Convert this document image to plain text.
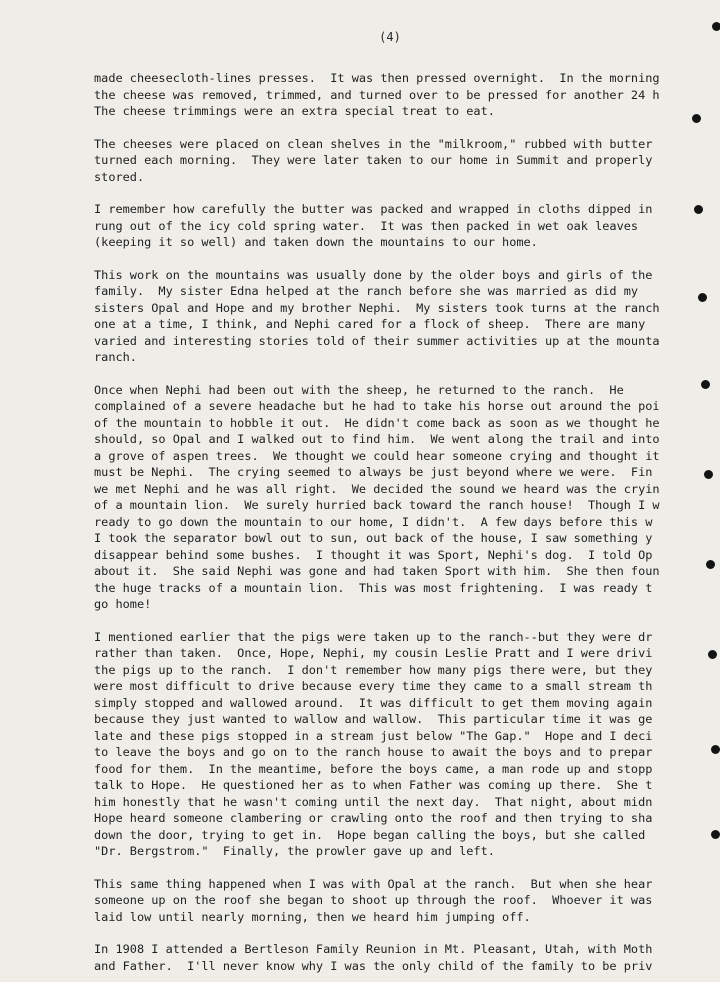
(4)
made cheesecloth-lines presses.  It was then pressed overnight.  In the morning
the cheese was removed, trimmed, and turned over to be pressed for another 24 h
The cheese trimmings were an extra special treat to eat.
The cheeses were placed on clean shelves in the "milkroom," rubbed with butter
turned each morning.  They were later taken to our home in Summit and properly
stored.
I remember how carefully the butter was packed and wrapped in cloths dipped in
rung out of the icy cold spring water.  It was then packed in wet oak leaves
(keeping it so well) and taken down the mountains to our home.
This work on the mountains was usually done by the older boys and girls of the
family.  My sister Edna helped at the ranch before she was married as did my
sisters Opal and Hope and my brother Nephi.  My sisters took turns at the ranch
one at a time, I think, and Nephi cared for a flock of sheep.  There are many
varied and interesting stories told of their summer activities up at the mounta
ranch.
Once when Nephi had been out with the sheep, he returned to the ranch.  He
complained of a severe headache but he had to take his horse out around the poi
of the mountain to hobble it out.  He didn't come back as soon as we thought he
should, so Opal and I walked out to find him.  We went along the trail and into
a grove of aspen trees.  We thought we could hear someone crying and thought it
must be Nephi.  The crying seemed to always be just beyond where we were.  Fin
we met Nephi and he was all right.  We decided the sound we heard was the cryin
of a mountain lion.  We surely hurried back toward the ranch house!  Though I w
ready to go down the mountain to our home, I didn't.  A few days before this w
I took the separator bowl out to sun, out back of the house, I saw something y
disappear behind some bushes.  I thought it was Sport, Nephi's dog.  I told Op
about it.  She said Nephi was gone and had taken Sport with him.  She then foun
the huge tracks of a mountain lion.  This was most frightening.  I was ready t
go home!
I mentioned earlier that the pigs were taken up to the ranch--but they were dr
rather than taken.  Once, Hope, Nephi, my cousin Leslie Pratt and I were drivi
the pigs up to the ranch.  I don't remember how many pigs there were, but they
were most difficult to drive because every time they came to a small stream th
simply stopped and wallowed around.  It was difficult to get them moving again
because they just wanted to wallow and wallow.  This particular time it was ge
late and these pigs stopped in a stream just below "The Gap."  Hope and I deci
to leave the boys and go on to the ranch house to await the boys and to prepar
food for them.  In the meantime, before the boys came, a man rode up and stopp
talk to Hope.  He questioned her as to when Father was coming up there.  She t
him honestly that he wasn't coming until the next day.  That night, about midn
Hope heard someone clambering or crawling onto the roof and then trying to sha
down the door, trying to get in.  Hope began calling the boys, but she called
"Dr. Bergstrom."  Finally, the prowler gave up and left.
This same thing happened when I was with Opal at the ranch.  But when she hear
someone up on the roof she began to shoot up through the roof.  Whoever it was
laid low until nearly morning, then we heard him jumping off.
In 1908 I attended a Bertleson Family Reunion in Mt. Pleasant, Utah, with Moth
and Father.  I'll never know why I was the only child of the family to be priv
